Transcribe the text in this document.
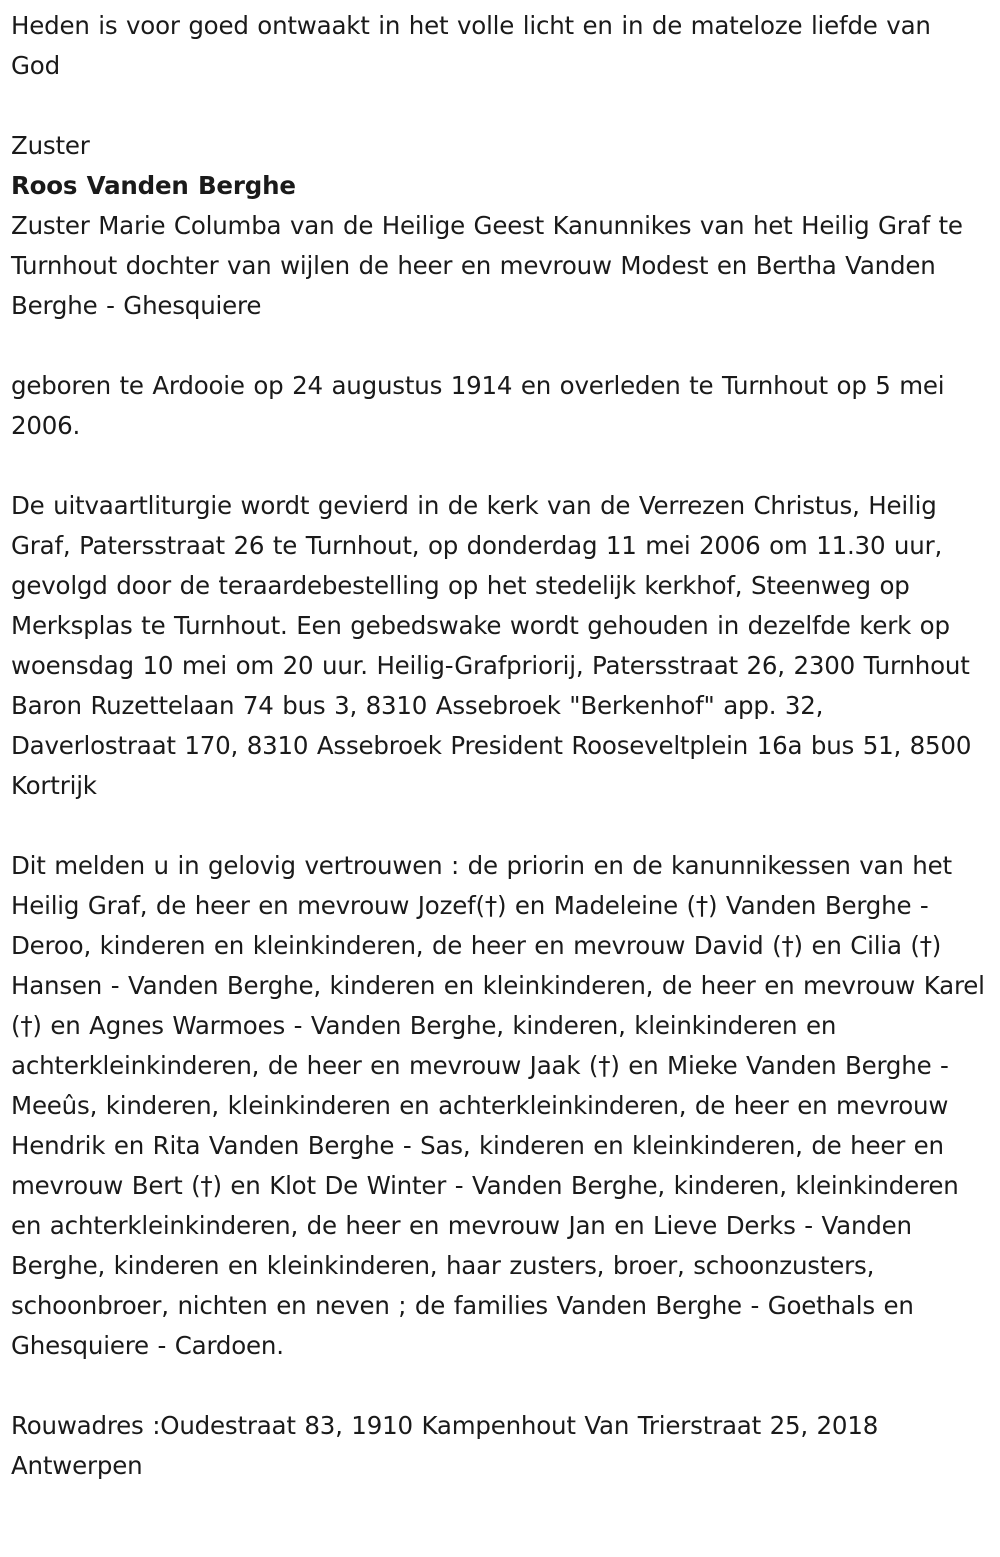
Heden is voor goed ontwaakt in het volle licht en in de mateloze liefde van God

Zuster

Roos Vanden Berghe

Zuster Marie Columba van de Heilige Geest Kanunnikes van het Heilig Graf te Turnhout dochter van wijlen de heer en mevrouw Modest en Bertha Vanden Berghe - Ghesquiere

geboren te Ardooie op 24 augustus 1914 en overleden te Turnhout op 5 mei 2006.

De uitvaartliturgie wordt gevierd in de kerk van de Verrezen Christus, Heilig Graf, Patersstraat 26 te Turnhout, op donderdag 11 mei 2006 om 11.30 uur, gevolgd door de teraardebestelling op het stedelijk kerkhof, Steenweg op Merksplas te Turnhout. Een gebedswake wordt gehouden in dezelfde kerk op woensdag 10 mei om 20 uur. Heilig-Grafpriorij, Patersstraat 26, 2300 Turnhout Baron Ruzettelaan 74 bus 3, 8310 Assebroek "Berkenhof" app. 32, Daverlostraat 170, 8310 Assebroek President Rooseveltplein 16a bus 51, 8500 Kortrijk

Dit melden u in gelovig vertrouwen : de priorin en de kanunnikessen van het Heilig Graf, de heer en mevrouw Jozef(†) en Madeleine (†) Vanden Berghe - Deroo, kinderen en kleinkinderen, de heer en mevrouw David (†) en Cilia (†) Hansen - Vanden Berghe, kinderen en kleinkinderen, de heer en mevrouw Karel (†) en Agnes Warmoes - Vanden Berghe, kinderen, kleinkinderen en achterkleinkinderen, de heer en mevrouw Jaak (†) en Mieke Vanden Berghe - Meeûs, kinderen, kleinkinderen en achterkleinkinderen, de heer en mevrouw Hendrik en Rita Vanden Berghe - Sas, kinderen en kleinkinderen, de heer en mevrouw Bert (†) en Klot De Winter - Vanden Berghe, kinderen, kleinkinderen en achterkleinkinderen, de heer en mevrouw Jan en Lieve Derks - Vanden Berghe, kinderen en kleinkinderen, haar zusters, broer, schoonzusters, schoonbroer, nichten en neven ; de families Vanden Berghe - Goethals en Ghesquiere - Cardoen.

Rouwadres :Oudestraat 83, 1910 Kampenhout Van Trierstraat 25, 2018 Antwerpen
